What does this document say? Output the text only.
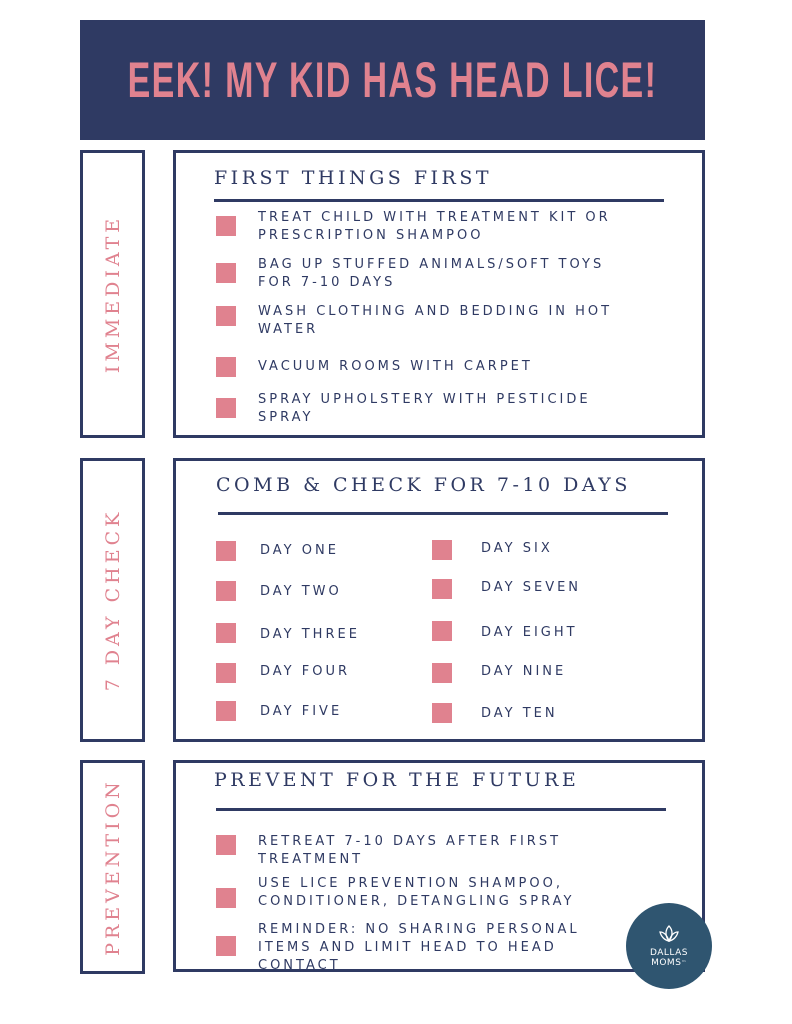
EEK! MY KID HAS HEAD LICE!
IMMEDIATE
FIRST THINGS FIRST
TREAT CHILD WITH TREATMENT KIT OR
PRESCRIPTION SHAMPOO
BAG UP STUFFED ANIMALS/SOFT TOYS
FOR 7-10 DAYS
WASH CLOTHING AND BEDDING IN HOT
WATER
VACUUM ROOMS WITH CARPET
SPRAY UPHOLSTERY WITH PESTICIDE
SPRAY
7 DAY CHECK
COMB & CHECK FOR 7-10 DAYS
DAY ONE
DAY TWO
DAY THREE
DAY FOUR
DAY FIVE
DAY SIX
DAY SEVEN
DAY EIGHT
DAY NINE
DAY TEN
PREVENTION	PREVENT FOR THE FUTURE
RETREAT 7-10 DAYS AFTER FIRST
TREATMENT
USE LICE PREVENTION SHAMPOO,
CONDITIONER, DETANGLING SPRAY
REMINDER: NO SHARING PERSONAL
ITEMS AND LIMIT HEAD TO HEAD
CONTACT
DALLAS
MOMS™
